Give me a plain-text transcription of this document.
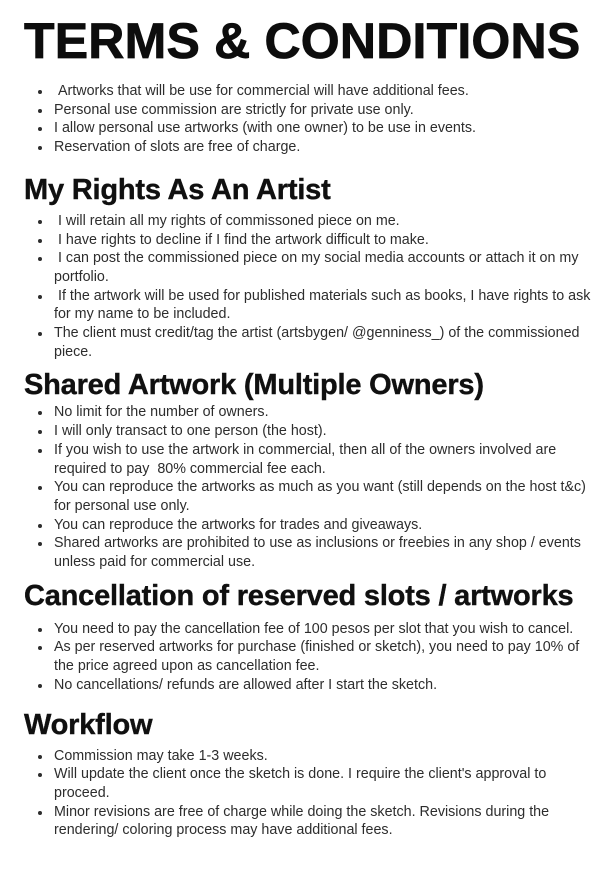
TERMS & CONDITIONS
•  Artworks that will be use for commercial will have additional fees.
• Personal use commission are strictly for private use only.
• I allow personal use artworks (with one owner) to be use in events.
• Reservation of slots are free of charge.
My Rights As An Artist
•  I will retain all my rights of commissoned piece on me.
•  I have rights to decline if I find the artwork difficult to make.
•  I can post the commissioned piece on my social media accounts or attach it on my portfolio.
•  If the artwork will be used for published materials such as books, I have rights to ask for my name to be included.
• The client must credit/tag the artist (artsbygen/ @genniness_) of the commissioned piece.
Shared Artwork (Multiple Owners)
• No limit for the number of owners.
• I will only transact to one person (the host).
• If you wish to use the artwork in commercial, then all of the owners involved are required to pay  80% commercial fee each.
• You can reproduce the artworks as much as you want (still depends on the host t&c) for personal use only.
• You can reproduce the artworks for trades and giveaways.
• Shared artworks are prohibited to use as inclusions or freebies in any shop / events unless paid for commercial use.
Cancellation of reserved slots / artworks
• You need to pay the cancellation fee of 100 pesos per slot that you wish to cancel.
• As per reserved artworks for purchase (finished or sketch), you need to pay 10% of the price agreed upon as cancellation fee.
• No cancellations/ refunds are allowed after I start the sketch.
Workflow
• Commission may take 1-3 weeks.
• Will update the client once the sketch is done. I require the client's approval to proceed.
• Minor revisions are free of charge while doing the sketch. Revisions during the rendering/ coloring process may have additional fees.
